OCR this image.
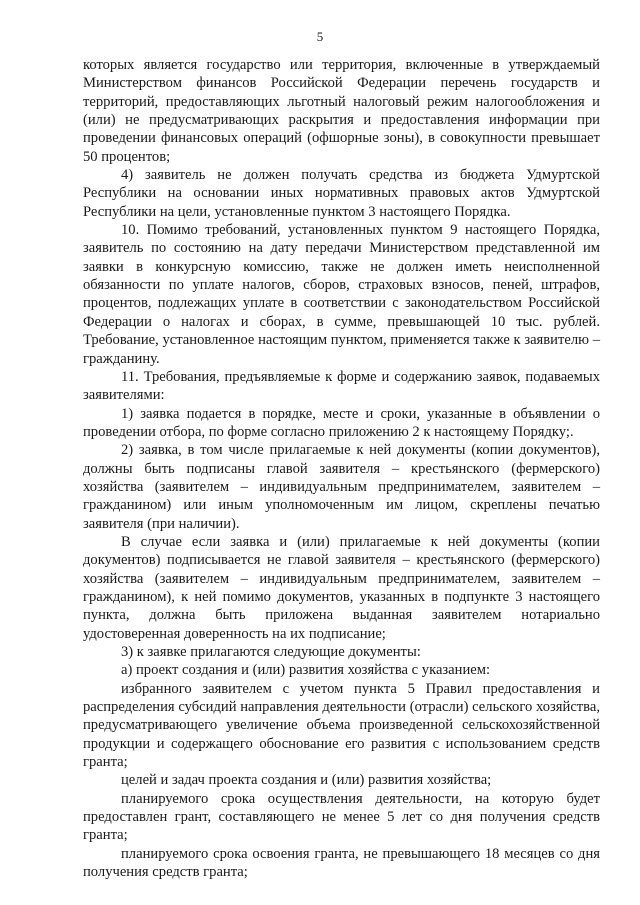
5

которых является государство или территория, включенные в утверждаемый Министерством финансов Российской Федерации перечень государств и территорий, предоставляющих льготный налоговый режим налогообложения и (или) не предусматривающих раскрытия и предоставления информации при проведении финансовых операций (офшорные зоны), в совокупности превышает 50 процентов;

4) заявитель не должен получать средства из бюджета Удмуртской Республики на основании иных нормативных правовых актов Удмуртской Республики на цели, установленные пунктом 3 настоящего Порядка.

10. Помимо требований, установленных пунктом 9 настоящего Порядка, заявитель по состоянию на дату передачи Министерством представленной им заявки в конкурсную комиссию, также не должен иметь неисполненной обязанности по уплате налогов, сборов, страховых взносов, пеней, штрафов, процентов, подлежащих уплате в соответствии с законодательством Российской Федерации о налогах и сборах, в сумме, превышающей 10 тыс. рублей. Требование, установленное настоящим пунктом, применяется также к заявителю – гражданину.

11. Требования, предъявляемые к форме и содержанию заявок, подаваемых заявителями:

1) заявка подается в порядке, месте и сроки, указанные в объявлении о проведении отбора, по форме согласно приложению 2 к настоящему Порядку;.

2) заявка, в том числе прилагаемые к ней документы (копии документов), должны быть подписаны главой заявителя – крестьянского (фермерского) хозяйства (заявителем – индивидуальным предпринимателем, заявителем – гражданином) или иным уполномоченным им лицом, скреплены печатью заявителя (при наличии).

В случае если заявка и (или) прилагаемые к ней документы (копии документов) подписывается не главой заявителя – крестьянского (фермерского) хозяйства (заявителем – индивидуальным предпринимателем, заявителем – гражданином), к ней помимо документов, указанных в подпункте 3 настоящего пункта, должна быть приложена выданная заявителем нотариально удостоверенная доверенность на их подписание;

3) к заявке прилагаются следующие документы:

а) проект создания и (или) развития хозяйства с указанием:

избранного заявителем с учетом пункта 5 Правил предоставления и распределения субсидий направления деятельности (отрасли) сельского хозяйства, предусматривающего увеличение объема произведенной сельскохозяйственной продукции и содержащего обоснование его развития с использованием средств гранта;

целей и задач проекта создания и (или) развития хозяйства;

планируемого срока осуществления деятельности, на которую будет предоставлен грант, составляющего не менее 5 лет со дня получения средств гранта;

планируемого срока освоения гранта, не превышающего 18 месяцев со дня получения средств гранта;
